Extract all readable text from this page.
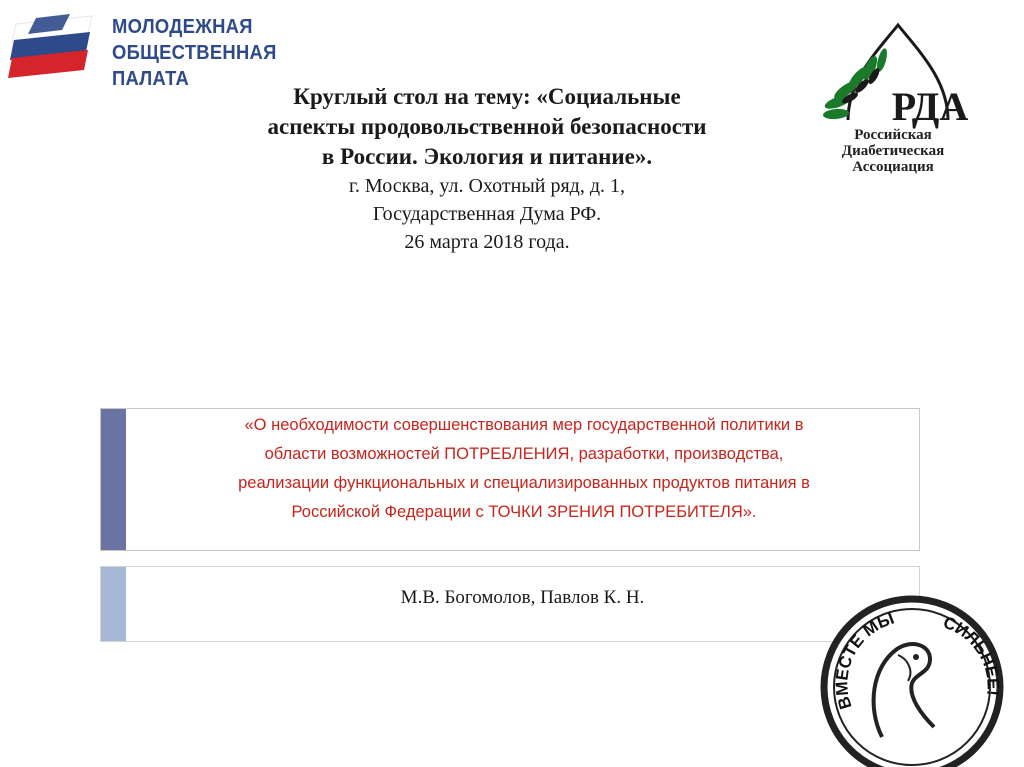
МОЛОДЕЖНАЯ
ОБЩЕСТВЕННАЯ
ПАЛАТА
РДА
Российская
Диабетическая
Ассоциация
Круглый стол на тему: «Социальные
аспекты продовольственной безопасности
в России. Экология и питание».
г. Москва, ул. Охотный ряд, д. 1,
Государственная Дума РФ.
26 марта 2018 года.
«О необходимости совершенствования мер государственной политики в
области возможностей ПОТРЕБЛЕНИЯ, разработки, производства,
реализации функциональных и специализированных продуктов питания в
Российской Федерации с ТОЧКИ ЗРЕНИЯ ПОТРЕБИТЕЛЯ».
М.В. Богомолов, Павлов К. Н.
ВМЕСТЕ МЫ	СИЛЬНЕЕ!
